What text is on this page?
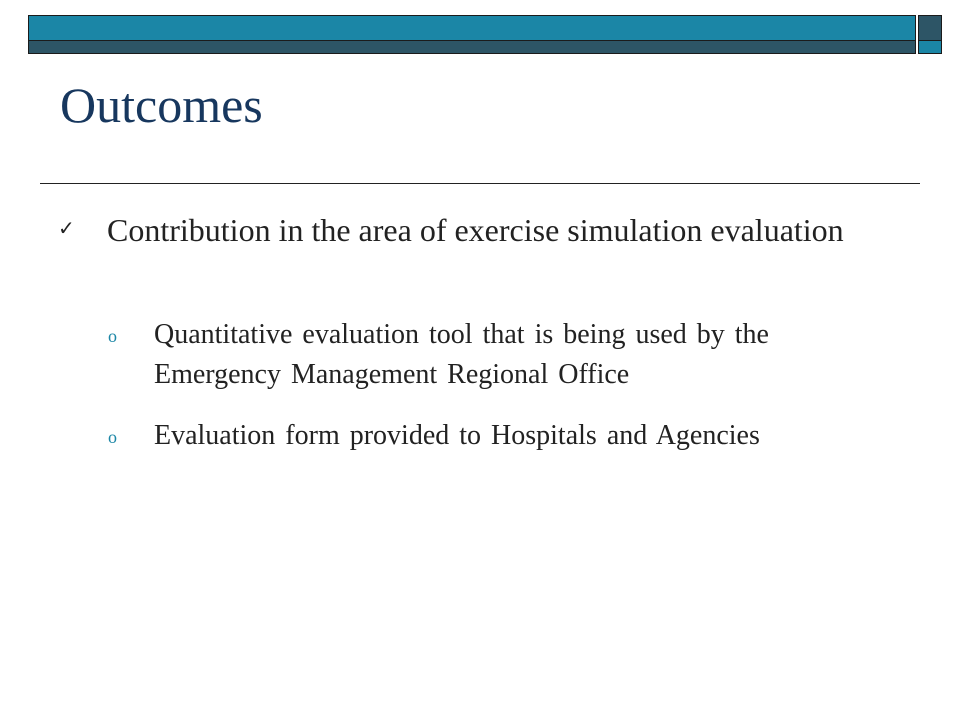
Outcomes
✓ Contribution in the area of exercise simulation evaluation
o Quantitative evaluation tool that is being used by the Emergency Management Regional Office
o Evaluation form provided to Hospitals and Agencies
